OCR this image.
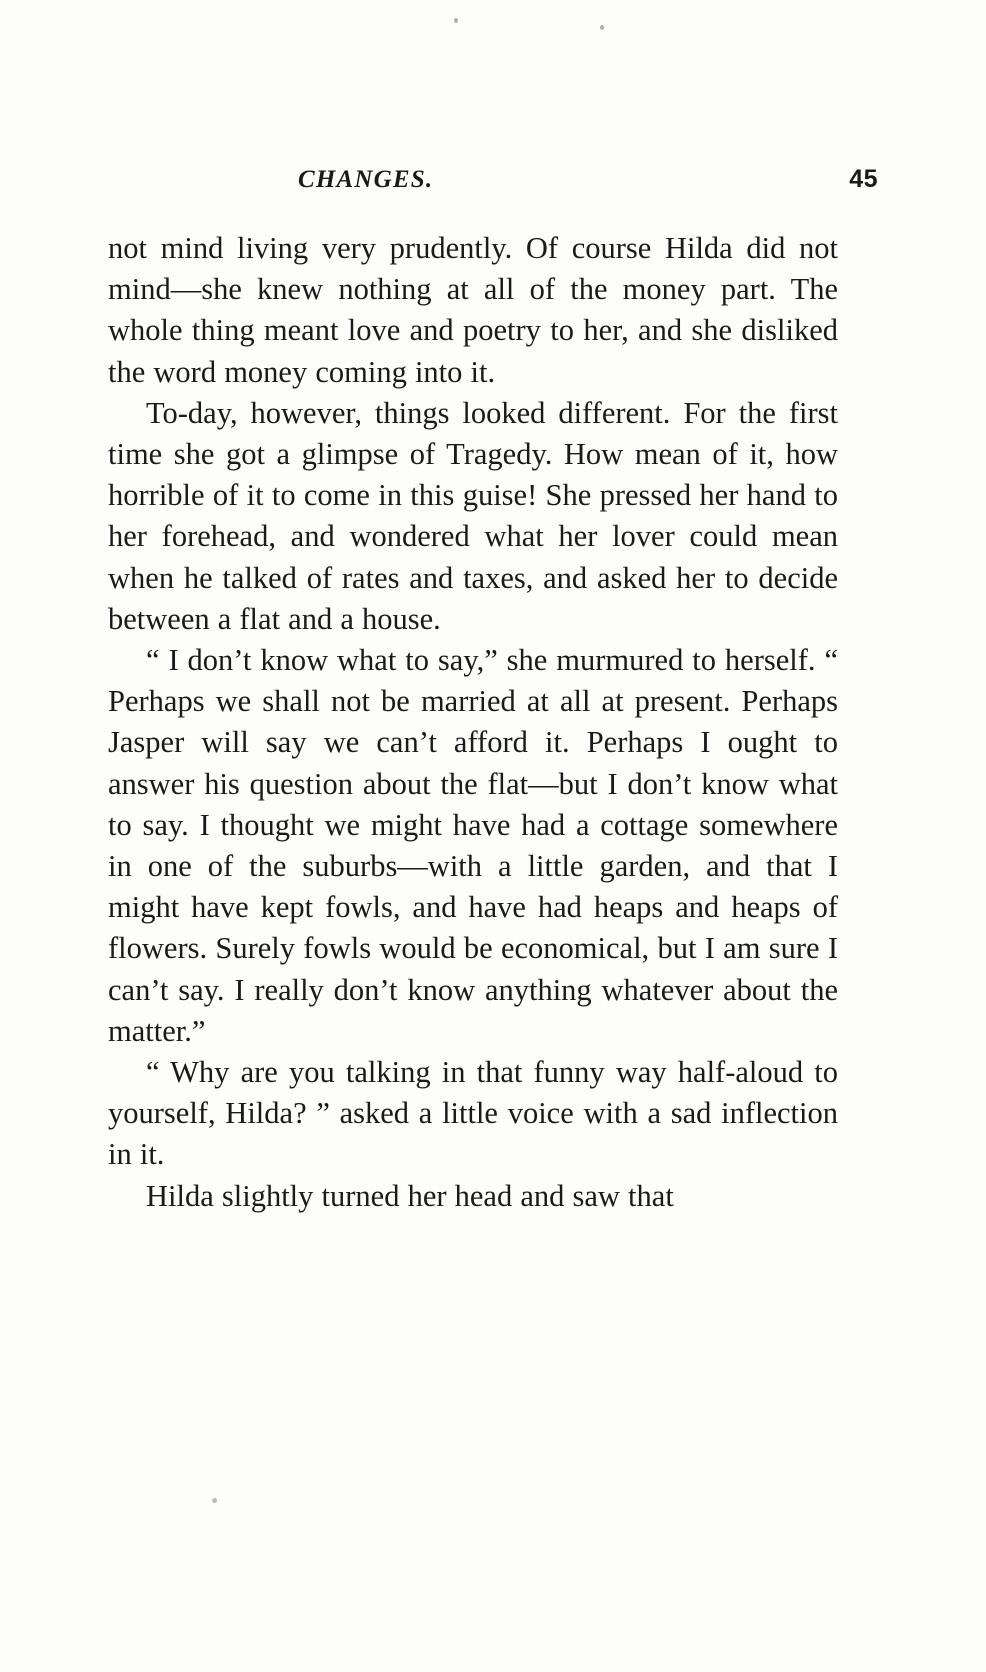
CHANGES.	45

not mind living very prudently. Of course Hilda did not mind—she knew nothing at all of the money part. The whole thing meant love and poetry to her, and she disliked the word money coming into it.

To-day, however, things looked different. For the first time she got a glimpse of Tragedy. How mean of it, how horrible of it to come in this guise! She pressed her hand to her forehead, and wondered what her lover could mean when he talked of rates and taxes, and asked her to decide between a flat and a house.

“ I don’t know what to say,” she murmured to herself. “ Perhaps we shall not be married at all at present. Perhaps Jasper will say we can’t afford it. Perhaps I ought to answer his question about the flat—but I don’t know what to say. I thought we might have had a cottage somewhere in one of the suburbs—with a little garden, and that I might have kept fowls, and have had heaps and heaps of flowers. Surely fowls would be economical, but I am sure I can’t say. I really don’t know anything whatever about the matter.”

“ Why are you talking in that funny way half-aloud to yourself, Hilda? ” asked a little voice with a sad inflection in it.

Hilda slightly turned her head and saw that
